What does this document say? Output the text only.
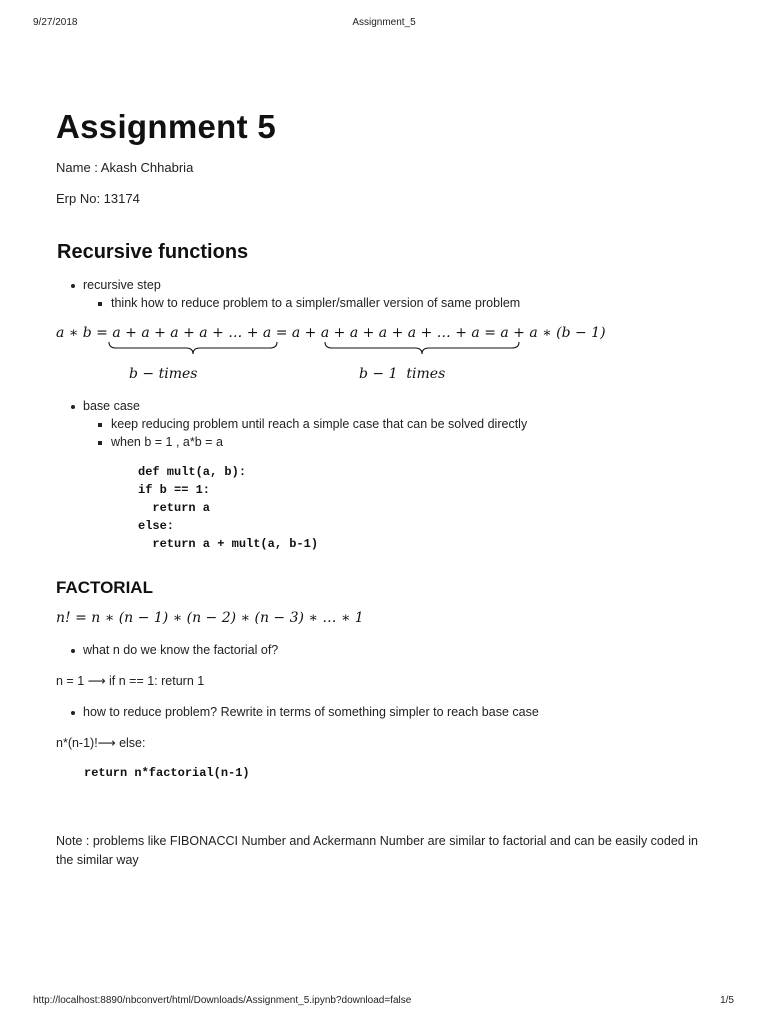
9/27/2018	Assignment_5
http://localhost:8890/nbconvert/html/Downloads/Assignment_5.ipynb?download=false	1/5
Assignment 5
Name : Akash Chhabria
Erp No: 13174
Recursive functions
recursive step
think how to reduce problem to a simpler/smaller version of same problem
a ∗ b = a + a + a + a + … + a = a + a + a + a + a + … + a = a + a ∗ (b − 1)
b − times	b − 1  times
base case
keep reducing problem until reach a simple case that can be solved directly
when b = 1 , a*b = a
def mult(a, b):
if b == 1:
return a
else:
return a + mult(a, b-1)
FACTORIAL
n! = n ∗ (n − 1) ∗ (n − 2) ∗ (n − 3) ∗ … ∗ 1
what n do we know the factorial of?
n = 1 ⟶ if n == 1: return 1
how to reduce problem? Rewrite in terms of something simpler to reach base case
n*(n-1)!⟶ else:
return n*factorial(n-1)
Note : problems like FIBONACCI Number and Ackermann Number are similar to factorial and can be easily coded in the similar way
